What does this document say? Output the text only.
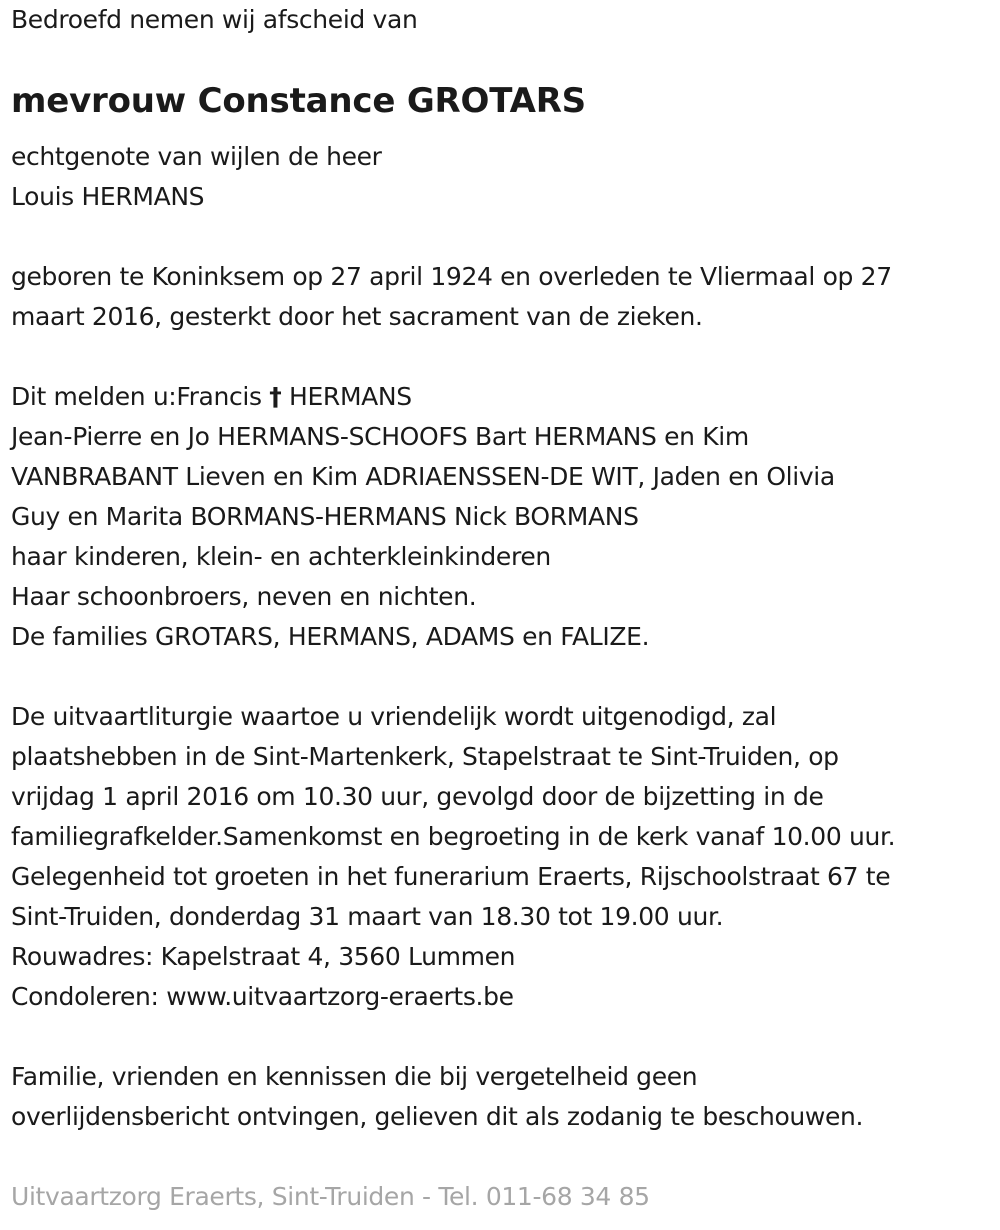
Bedroefd nemen wij afscheid van
mevrouw Constance GROTARS
echtgenote van wijlen de heer
Louis HERMANS
geboren te Koninksem op 27 april 1924 en overleden te Vliermaal op 27
maart 2016, gesterkt door het sacrament van de zieken.
Dit melden u:Francis † HERMANS
Jean-Pierre en Jo HERMANS-SCHOOFS Bart HERMANS en Kim
VANBRABANT Lieven en Kim ADRIAENSSEN-DE WIT, Jaden en Olivia
Guy en Marita BORMANS-HERMANS Nick BORMANS
haar kinderen, klein- en achterkleinkinderen
Haar schoonbroers, neven en nichten.
De families GROTARS, HERMANS, ADAMS en FALIZE.
De uitvaartliturgie waartoe u vriendelijk wordt uitgenodigd, zal
plaatshebben in de Sint-Martenkerk, Stapelstraat te Sint-Truiden, op
vrijdag 1 april 2016 om 10.30 uur, gevolgd door de bijzetting in de
familiegrafkelder.Samenkomst en begroeting in de kerk vanaf 10.00 uur.
Gelegenheid tot groeten in het funerarium Eraerts, Rijschoolstraat 67 te
Sint-Truiden, donderdag 31 maart van 18.30 tot 19.00 uur.
Rouwadres: Kapelstraat 4, 3560 Lummen
Condoleren: www.uitvaartzorg-eraerts.be
Familie, vrienden en kennissen die bij vergetelheid geen
overlijdensbericht ontvingen, gelieven dit als zodanig te beschouwen.
Uitvaartzorg Eraerts, Sint-Truiden - Tel. 011-68 34 85
